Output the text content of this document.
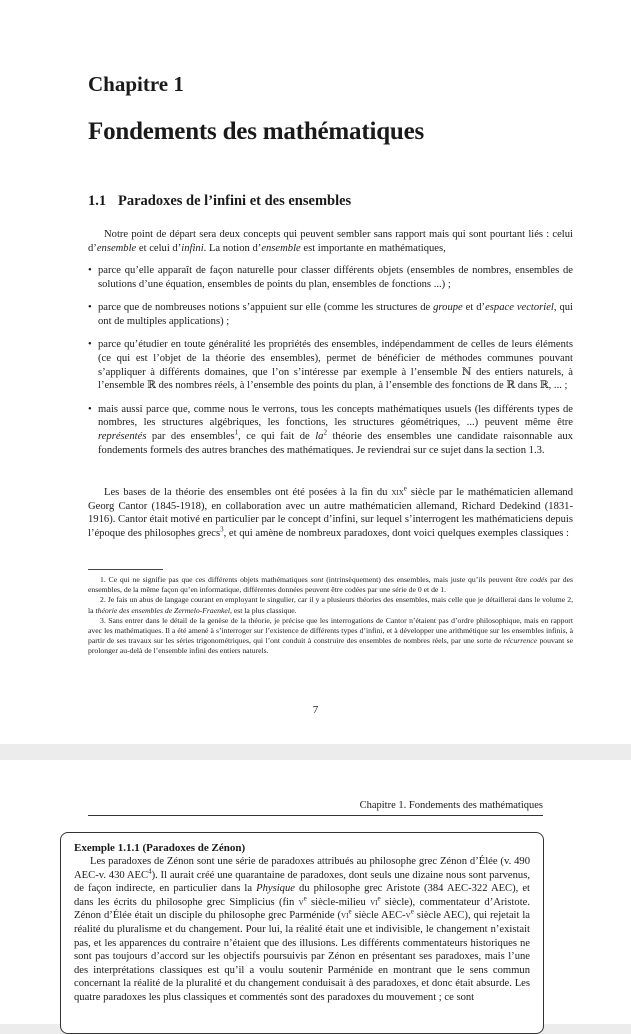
Chapitre 1
Fondements des mathématiques
1.1 Paradoxes de l’infini et des ensembles

Notre point de départ sera deux concepts qui peuvent sembler sans rapport mais qui sont pourtant liés : celui d’ensemble et celui d’infini. La notion d’ensemble est importante en mathématiques,

• parce qu’elle apparaît de façon naturelle pour classer différents objets (ensembles de nombres, ensembles de solutions d’une équation, ensembles de points du plan, ensembles de fonctions ...) ;
• parce que de nombreuses notions s’appuient sur elle (comme les structures de groupe et d’espace vectoriel, qui ont de multiples applications) ;
• parce qu’étudier en toute généralité les propriétés des ensembles, indépendamment de celles de leurs éléments (ce qui est l’objet de la théorie des ensembles), permet de bénéficier de méthodes communes pouvant s’appliquer à différents domaines, que l’on s’intéresse par exemple à l’ensemble ℕ des entiers naturels, à l’ensemble ℝ des nombres réels, à l’ensemble des points du plan, à l’ensemble des fonctions de ℝ dans ℝ, ... ;
• mais aussi parce que, comme nous le verrons, tous les concepts mathématiques usuels (les différents types de nombres, les structures algébriques, les fonctions, les structures géométriques, ...) peuvent même être représentés par des ensembles$^1$, ce qui fait de $la^2$ théorie des ensembles une candidate raisonnable aux fondements formels des autres branches des mathématiques. Je reviendrai sur ce sujet dans la section 1.3.

Les bases de la théorie des ensembles ont été posées à la fin du xix$^e$ siècle par le mathématicien allemand Georg Cantor (1845-1918), en collaboration avec un autre mathématicien allemand, Richard Dedekind (1831-1916). Cantor était motivé en particulier par le concept d’infini, sur lequel s’interrogent les mathématiciens depuis l’époque des philosophes grecs$^3$, et qui amène de nombreux paradoxes, dont voici quelques exemples classiques :

1. Ce qui ne signifie pas que ces différents objets mathématiques sont (intrinsèquement) des ensembles, mais juste qu’ils peuvent être codés par des ensembles, de la même façon qu’en informatique, différentes données peuvent être codées par une série de 0 et de 1.
2. Je fais un abus de langage courant en employant le singulier, car il y a plusieurs théories des ensembles, mais celle que je détaillerai dans le volume 2, la théorie des ensembles de Zermelo-Fraenkel, est la plus classique.
3. Sans entrer dans le détail de la genèse de la théorie, je précise que les interrogations de Cantor n’étaient pas d’ordre philosophique, mais en rapport avec les mathématiques. Il a été amené à s’interroger sur l’existence de différents types d’infini, et à développer une arithmétique sur les ensembles infinis, à partir de ses travaux sur les séries trigonométriques, qui l’ont conduit à construire des ensembles de nombres réels, par une sorte de récurrence pouvant se prolonger au-delà de l’ensemble infini des entiers naturels.
7
Chapitre 1. Fondements des mathématiques
Exemple 1.1.1 (Paradoxes de Zénon)

Les paradoxes de Zénon sont une série de paradoxes attribués au philosophe grec Zénon d’Élée (v. 490 AEC-v. 430 AEC$^4$). Il aurait créé une quarantaine de paradoxes, dont seuls une dizaine nous sont parvenus, de façon indirecte, en particulier dans la Physique du philosophe grec Aristote (384 AEC-322 AEC), et dans les écrits du philosophe grec Simplicius (fin $v^e$ siècle-milieu $vi^e$ siècle), commentateur d’Aristote. Zénon d’Élée était un disciple du philosophe grec Parménide ($vi^e$ siècle AEC-$v^e$ siècle AEC), qui rejetait la réalité du pluralisme et du changement. Pour lui, la réalité était une et indivisible, le changement n’existait pas, et les apparences du contraire n’étaient que des illusions. Les différents commentateurs historiques ne sont pas toujours d’accord sur les objectifs poursuivis par Zénon en présentant ses paradoxes, mais l’une des interprétations classiques est qu’il a voulu soutenir Parménide en montrant que le sens commun concernant la réalité de la pluralité et du changement conduisait à des paradoxes, et donc était absurde. Les quatre paradoxes les plus classiques et commentés sont des paradoxes du mouvement ; ce sont
